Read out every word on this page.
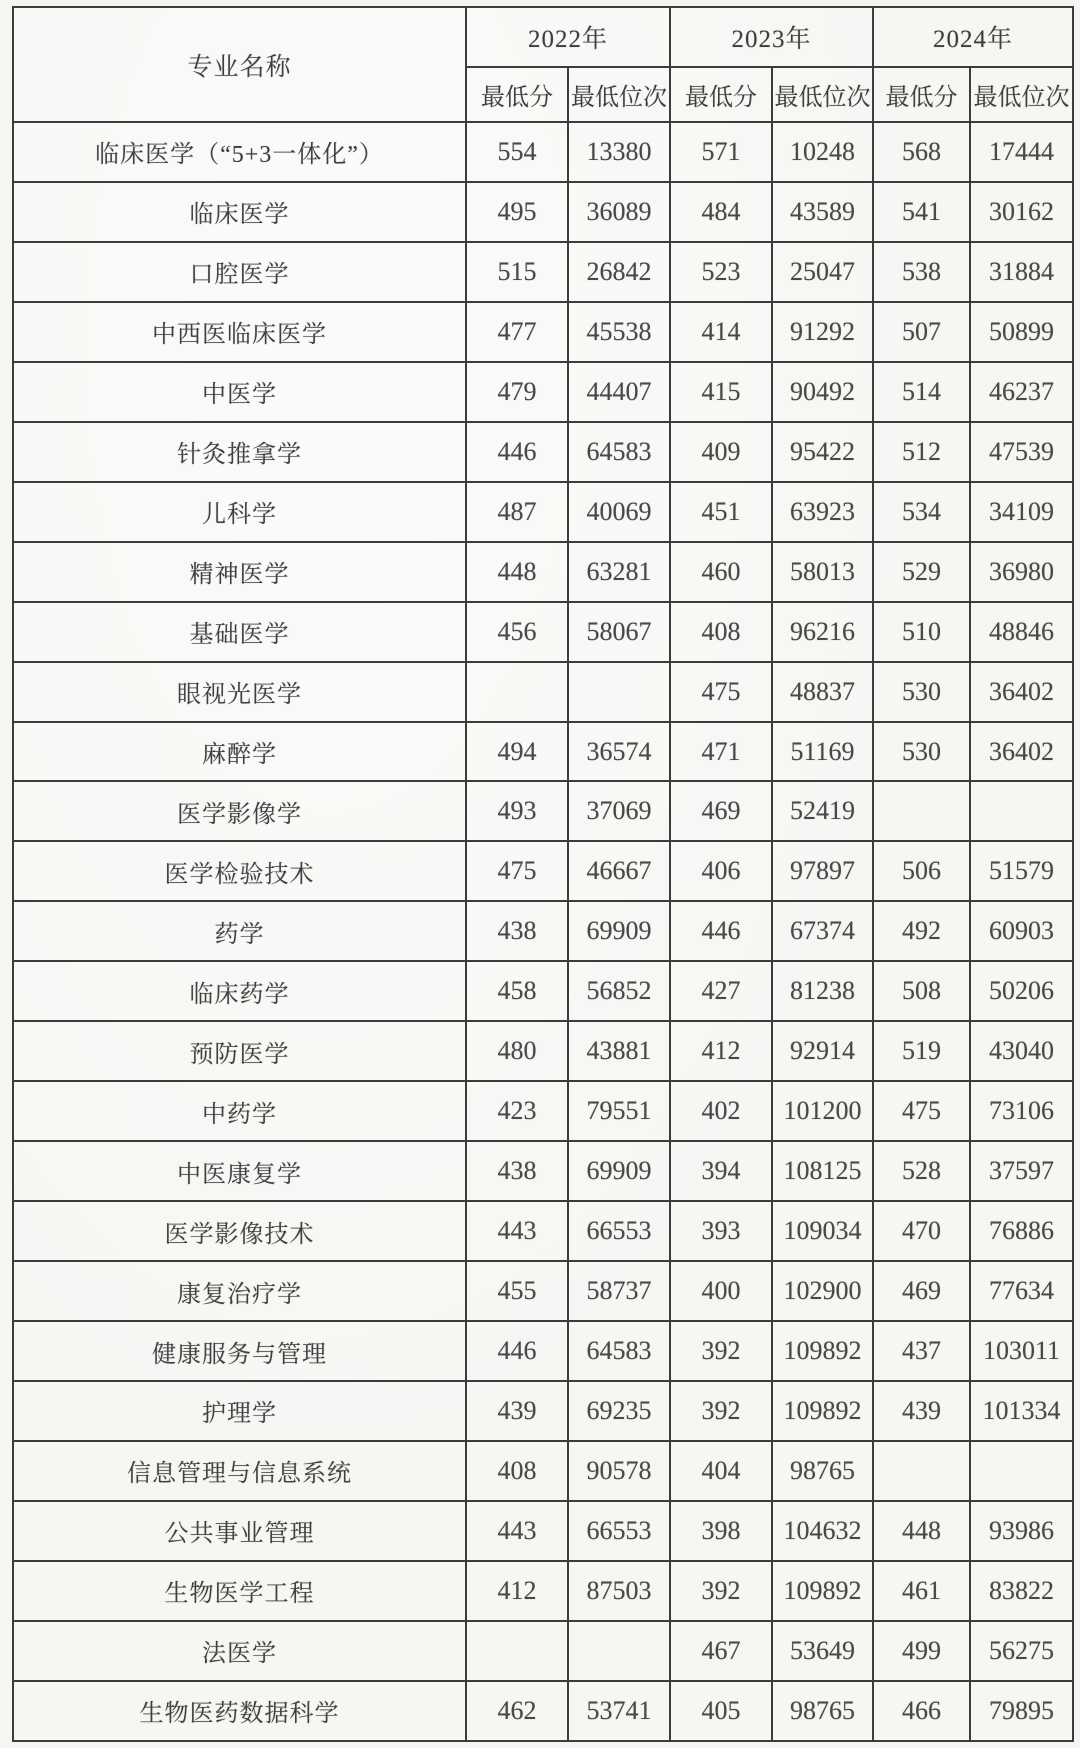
专业名称	2022年		2023年		2024年	
	最低分	最低位次	最低分	最低位次	最低分	最低位次
临床医学（“5+3一体化”）	554	13380	571	10248	568	17444
临床医学	495	36089	484	43589	541	30162
口腔医学	515	26842	523	25047	538	31884
中西医临床医学	477	45538	414	91292	507	50899
中医学	479	44407	415	90492	514	46237
针灸推拿学	446	64583	409	95422	512	47539
儿科学	487	40069	451	63923	534	34109
精神医学	448	63281	460	58013	529	36980
基础医学	456	58067	408	96216	510	48846
眼视光医学			475	48837	530	36402
麻醉学	494	36574	471	51169	530	36402
医学影像学	493	37069	469	52419		
医学检验技术	475	46667	406	97897	506	51579
药学	438	69909	446	67374	492	60903
临床药学	458	56852	427	81238	508	50206
预防医学	480	43881	412	92914	519	43040
中药学	423	79551	402	101200	475	73106
中医康复学	438	69909	394	108125	528	37597
医学影像技术	443	66553	393	109034	470	76886
康复治疗学	455	58737	400	102900	469	77634
健康服务与管理	446	64583	392	109892	437	103011
护理学	439	69235	392	109892	439	101334
信息管理与信息系统	408	90578	404	98765		
公共事业管理	443	66553	398	104632	448	93986
生物医学工程	412	87503	392	109892	461	83822
法医学			467	53649	499	56275
生物医药数据科学	462	53741	405	98765	466	79895
